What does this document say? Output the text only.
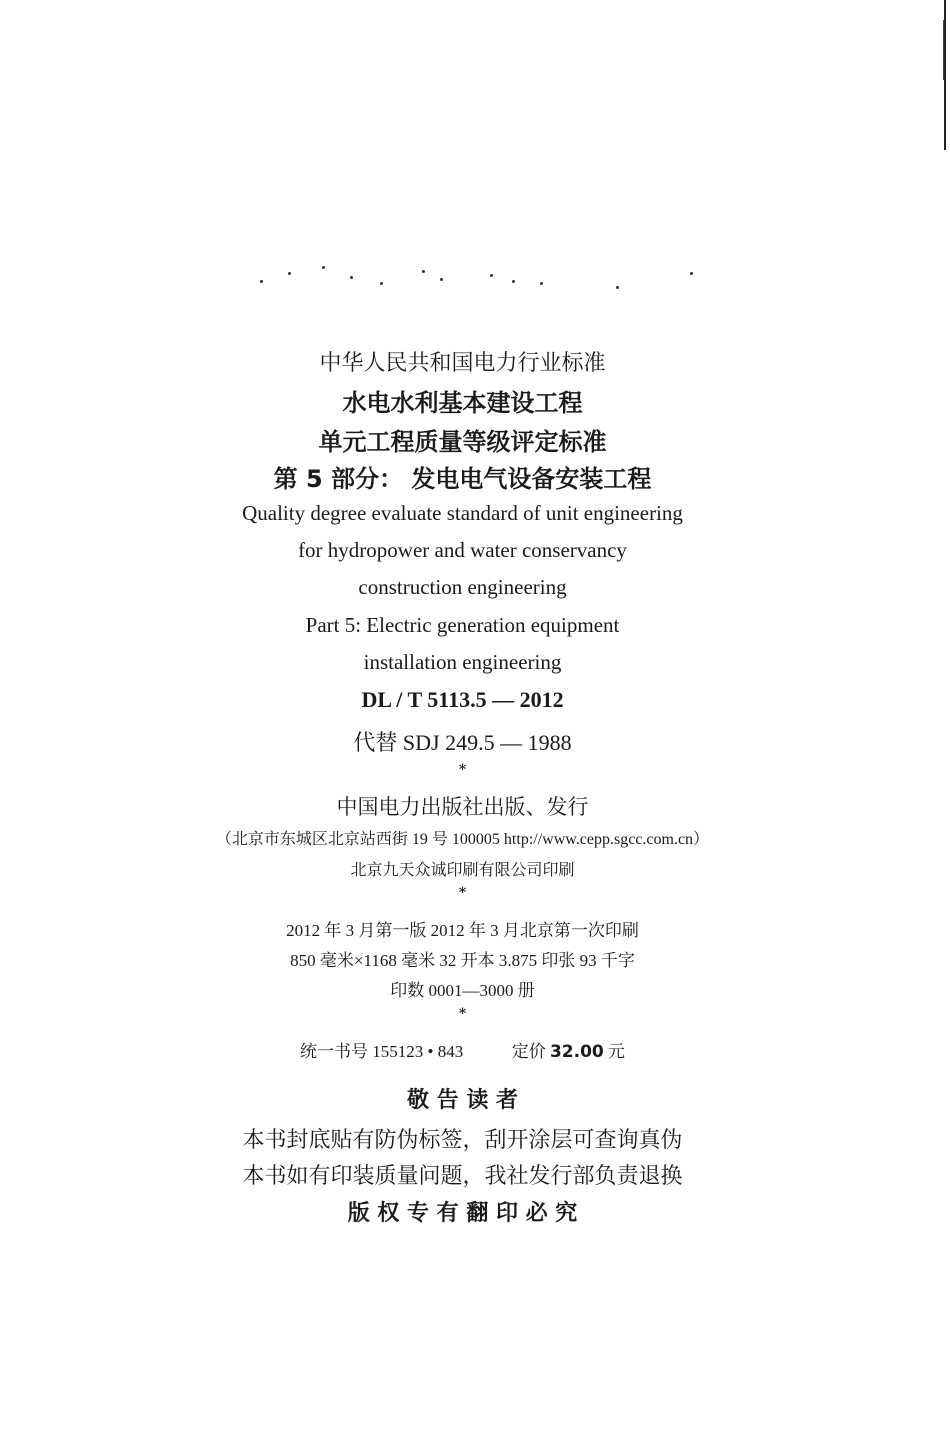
中华人民共和国电力行业标准
水电水利基本建设工程
单元工程质量等级评定标准
第 5 部分： 发电电气设备安装工程
Quality degree evaluate standard of unit engineering
for hydropower and water conservancy
construction engineering
Part 5: Electric generation equipment
installation engineering
DL / T 5113.5 — 2012
代替 SDJ 249.5 — 1988
*
中国电力出版社出版、发行
（北京市东城区北京站西街 19 号 100005 http://www.cepp.sgcc.com.cn）
北京九天众诚印刷有限公司印刷
*
2012 年 3 月第一版 2012 年 3 月北京第一次印刷
850 毫米×1168 毫米 32 开本 3.875 印张 93 千字
印数 0001—3000 册
*
统一书号 155123 • 843	定价 32.00 元
敬 告 读 者
本书封底贴有防伪标签，刮开涂层可查询真伪
本书如有印装质量问题，我社发行部负责退换
版 权 专 有 翻 印 必 究
